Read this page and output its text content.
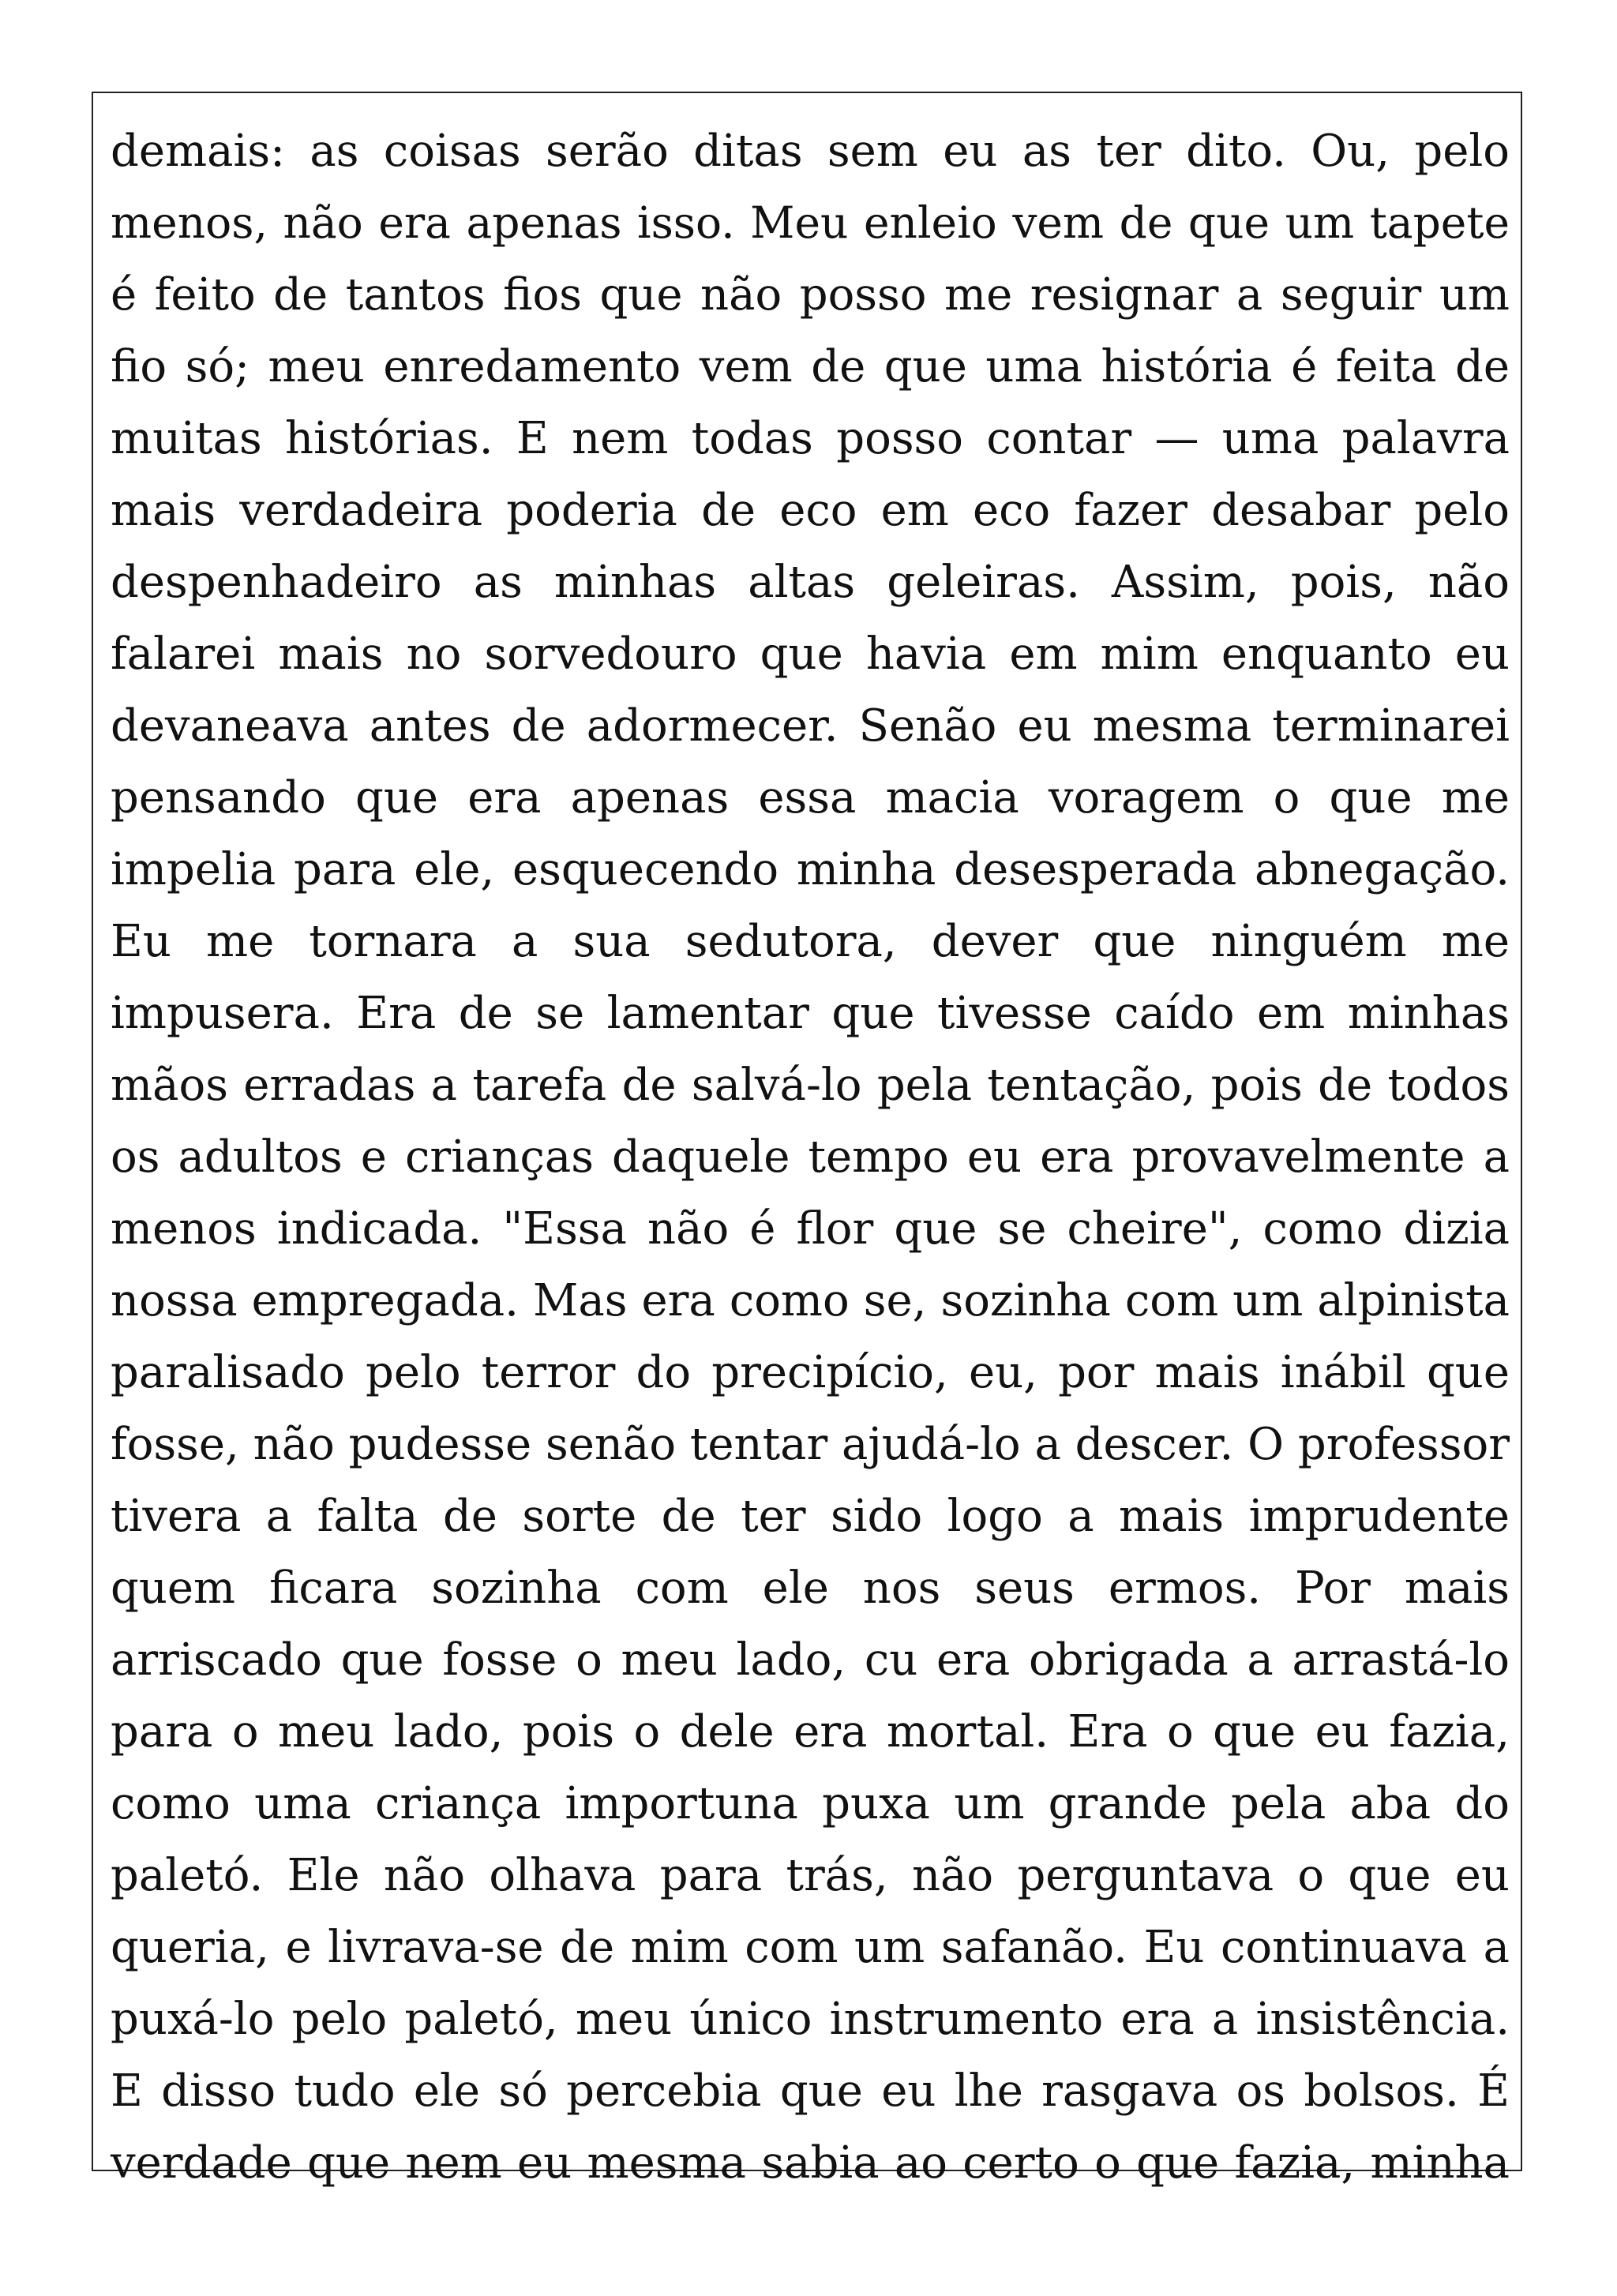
demais: as coisas serão ditas sem eu as ter dito. Ou, pelo
menos, não era apenas isso. Meu enleio vem de que um tapete
é feito de tantos fios que não posso me resignar a seguir um
fio só; meu enredamento vem de que uma história é feita de
muitas histórias. E nem todas posso contar — uma palavra
mais verdadeira poderia de eco em eco fazer desabar pelo
despenhadeiro as minhas altas geleiras. Assim, pois, não
falarei mais no sorvedouro que havia em mim enquanto eu
devaneava antes de adormecer. Senão eu mesma terminarei
pensando que era apenas essa macia voragem o que me
impelia para ele, esquecendo minha desesperada abnegação.
Eu me tornara a sua sedutora, dever que ninguém me
impusera. Era de se lamentar que tivesse caído em minhas
mãos erradas a tarefa de salvá-lo pela tentação, pois de todos
os adultos e crianças daquele tempo eu era provavelmente a
menos indicada. "Essa não é flor que se cheire", como dizia
nossa empregada. Mas era como se, sozinha com um alpinista
paralisado pelo terror do precipício, eu, por mais inábil que
fosse, não pudesse senão tentar ajudá-lo a descer. O professor
tivera a falta de sorte de ter sido logo a mais imprudente
quem ficara sozinha com ele nos seus ermos. Por mais
arriscado que fosse o meu lado, cu era obrigada a arrastá-lo
para o meu lado, pois o dele era mortal. Era o que eu fazia,
como uma criança importuna puxa um grande pela aba do
paletó. Ele não olhava para trás, não perguntava o que eu
queria, e livrava-se de mim com um safanão. Eu continuava a
puxá-lo pelo paletó, meu único instrumento era a insistência.
E disso tudo ele só percebia que eu lhe rasgava os bolsos. É
verdade que nem eu mesma sabia ao certo o que fazia, minha
